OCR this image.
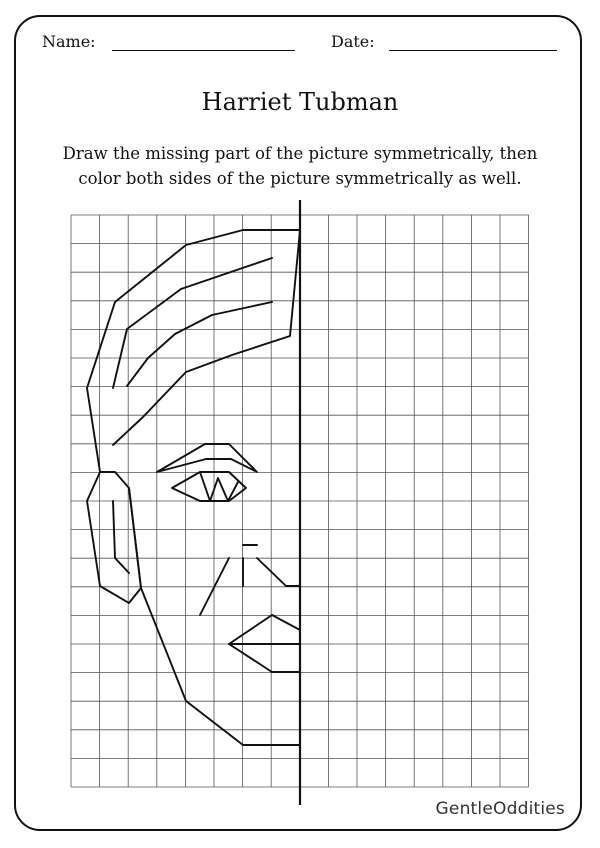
Name:	Date:
Harriet Tubman
Draw the missing part of the picture symmetrically, then
color both sides of the picture symmetrically as well.
GentleOddities
